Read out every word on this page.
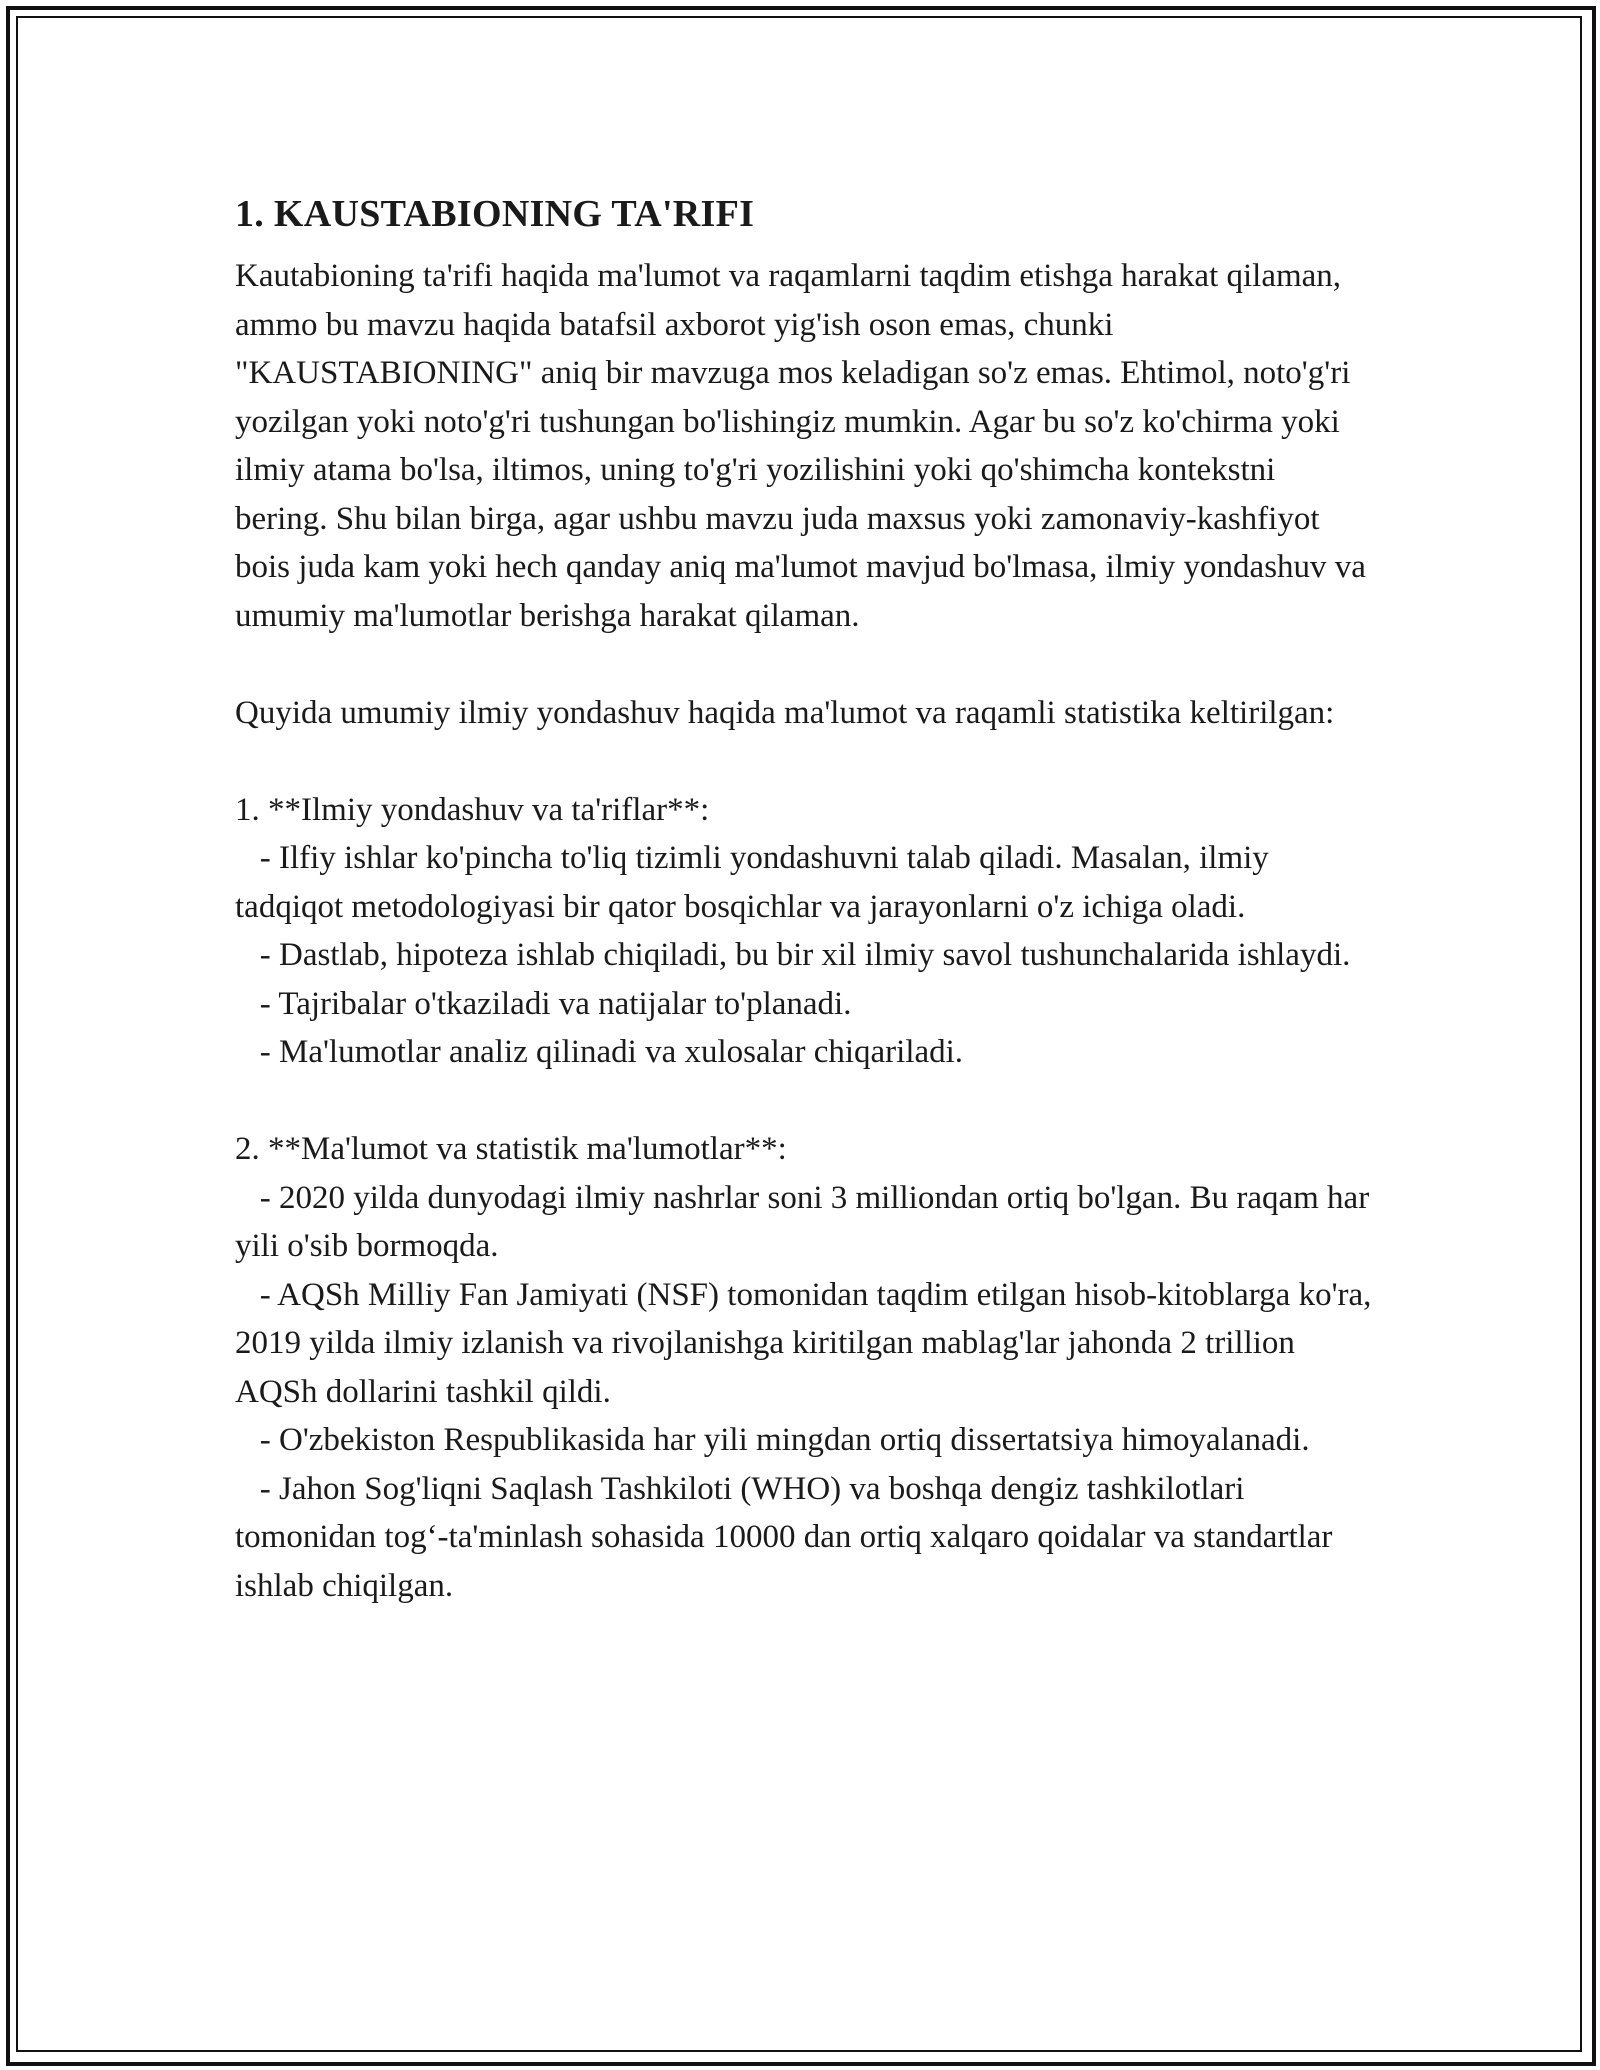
1. KAUSTABIONING TA'RIFI

Kautabioning ta'rifi haqida ma'lumot va raqamlarni taqdim etishga harakat qilaman, ammo bu mavzu haqida batafsil axborot yig'ish oson emas, chunki "KAUSTABIONING" aniq bir mavzuga mos keladigan so'z emas. Ehtimol, noto'g'ri yozilgan yoki noto'g'ri tushungan bo'lishingiz mumkin. Agar bu so'z ko'chirma yoki ilmiy atama bo'lsa, iltimos, uning to'g'ri yozilishini yoki qo'shimcha kontekstni bering. Shu bilan birga, agar ushbu mavzu juda maxsus yoki zamonaviy-kashfiyot bois juda kam yoki hech qanday aniq ma'lumot mavjud bo'lmasa, ilmiy yondashuv va umumiy ma'lumotlar berishga harakat qilaman.

Quyida umumiy ilmiy yondashuv haqida ma'lumot va raqamli statistika keltirilgan:

1. **Ilmiy yondashuv va ta'riflar**:

- Ilfiy ishlar ko'pincha to'liq tizimli yondashuvni talab qiladi. Masalan, ilmiy tadqiqot metodologiyasi bir qator bosqichlar va jarayonlarni o'z ichiga oladi.

- Dastlab, hipoteza ishlab chiqiladi, bu bir xil ilmiy savol tushunchalarida ishlaydi.

- Tajribalar o'tkaziladi va natijalar to'planadi.

- Ma'lumotlar analiz qilinadi va xulosalar chiqariladi.

2. **Ma'lumot va statistik ma'lumotlar**:

- 2020 yilda dunyodagi ilmiy nashrlar soni 3 milliondan ortiq bo'lgan. Bu raqam har yili o'sib bormoqda.

- AQSh Milliy Fan Jamiyati (NSF) tomonidan taqdim etilgan hisob-kitoblarga ko'ra, 2019 yilda ilmiy izlanish va rivojlanishga kiritilgan mablag'lar jahonda 2 trillion AQSh dollarini tashkil qildi.

- O'zbekiston Respublikasida har yili mingdan ortiq dissertatsiya himoyalanadi.

- Jahon Sog'liqni Saqlash Tashkiloti (WHO) va boshqa dengiz tashkilotlari tomonidan tog‘-ta'minlash sohasida 10000 dan ortiq xalqaro qoidalar va standartlar ishlab chiqilgan.
